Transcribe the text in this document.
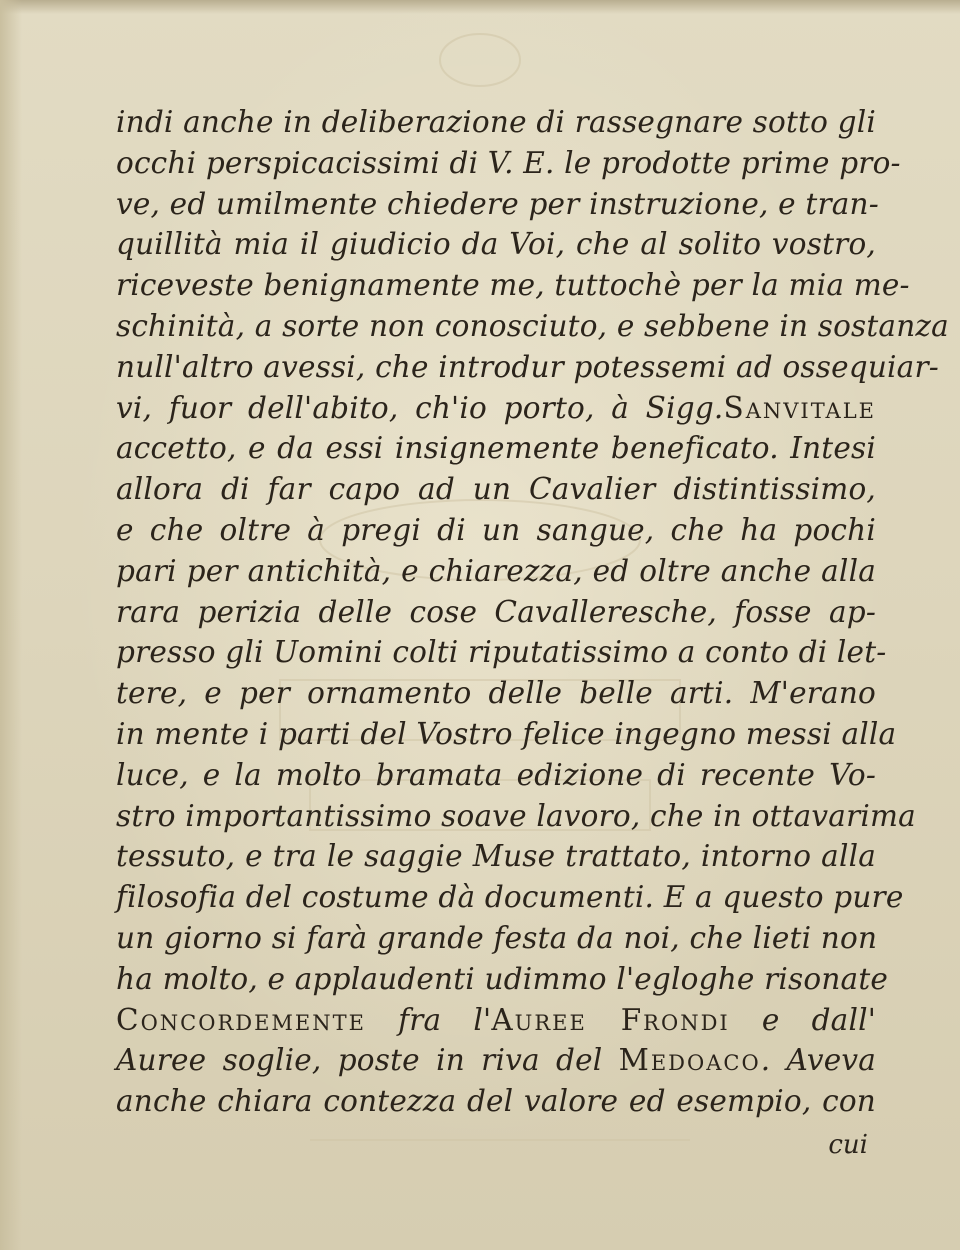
indi anche in deliberazione di rassegnare sotto gli
occhi perspicacissimi di V. E. le prodotte prime pro-
ve, ed umilmente chiedere per instruzione, e tran-
quillità mia il giudicio da Voi, che al solito vostro,
riceveste benignamente me, tuttochè per la mia me-
schinità, a sorte non conosciuto, e sebbene in sostanza
null'altro avessi, che introdur potessemi ad ossequiar-
vi, fuor dell'abito, ch'io porto, à Sigg.Sanvitale
accetto, e da essi insignemente beneficato. Intesi
allora di far capo ad un Cavalier distintissimo,
e che oltre à pregi di un sangue, che ha pochi
pari per antichità, e chiarezza, ed oltre anche alla
rara perizia delle cose Cavalleresche, fosse ap-
presso gli Uomini colti riputatissimo a conto di let-
tere, e per ornamento delle belle arti. M'erano
in mente i parti del Vostro felice ingegno messi alla
luce, e la molto bramata edizione di recente Vo-
stro importantissimo soave lavoro, che in ottavarima
tessuto, e tra le saggie Muse trattato, intorno alla
filosofia del costume dà documenti. E a questo pure
un giorno si farà grande festa da noi, che lieti non
ha molto, e applaudenti udimmo l'egloghe risonate
Concordemente fra l'Auree Frondi e dall'
Auree soglie, poste in riva del Medoaco. Aveva
anche chiara contezza del valore ed esempio, con
cui
